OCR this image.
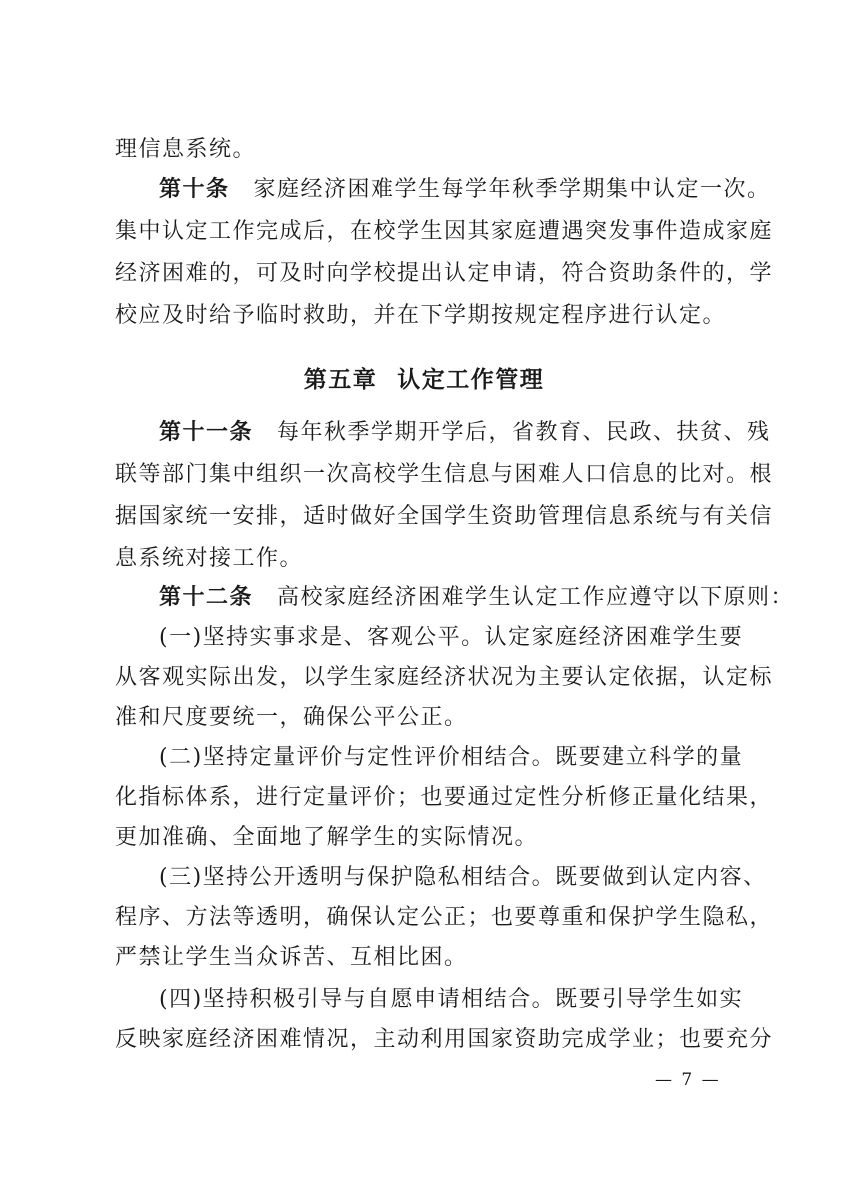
理信息系统。
第十条 家庭经济困难学生每学年秋季学期集中认定一次。
集中认定工作完成后，在校学生因其家庭遭遇突发事件造成家庭
经济困难的，可及时向学校提出认定申请，符合资助条件的，学
校应及时给予临时救助，并在下学期按规定程序进行认定。
第十一条 每年秋季学期开学后，省教育、民政、扶贫、残
联等部门集中组织一次高校学生信息与困难人口信息的比对。根
据国家统一安排，适时做好全国学生资助管理信息系统与有关信
息系统对接工作。
第十二条 高校家庭经济困难学生认定工作应遵守以下原则：
(一)坚持实事求是、客观公平。认定家庭经济困难学生要
从客观实际出发，以学生家庭经济状况为主要认定依据，认定标
准和尺度要统一，确保公平公正。
(二)坚持定量评价与定性评价相结合。既要建立科学的量
化指标体系，进行定量评价；也要通过定性分析修正量化结果，
更加准确、全面地了解学生的实际情况。
(三)坚持公开透明与保护隐私相结合。既要做到认定内容、
程序、方法等透明，确保认定公正；也要尊重和保护学生隐私，
严禁让学生当众诉苦、互相比困。
(四)坚持积极引导与自愿申请相结合。既要引导学生如实
反映家庭经济困难情况，主动利用国家资助完成学业；也要充分
第五章 认定工作管理
— 7 —
